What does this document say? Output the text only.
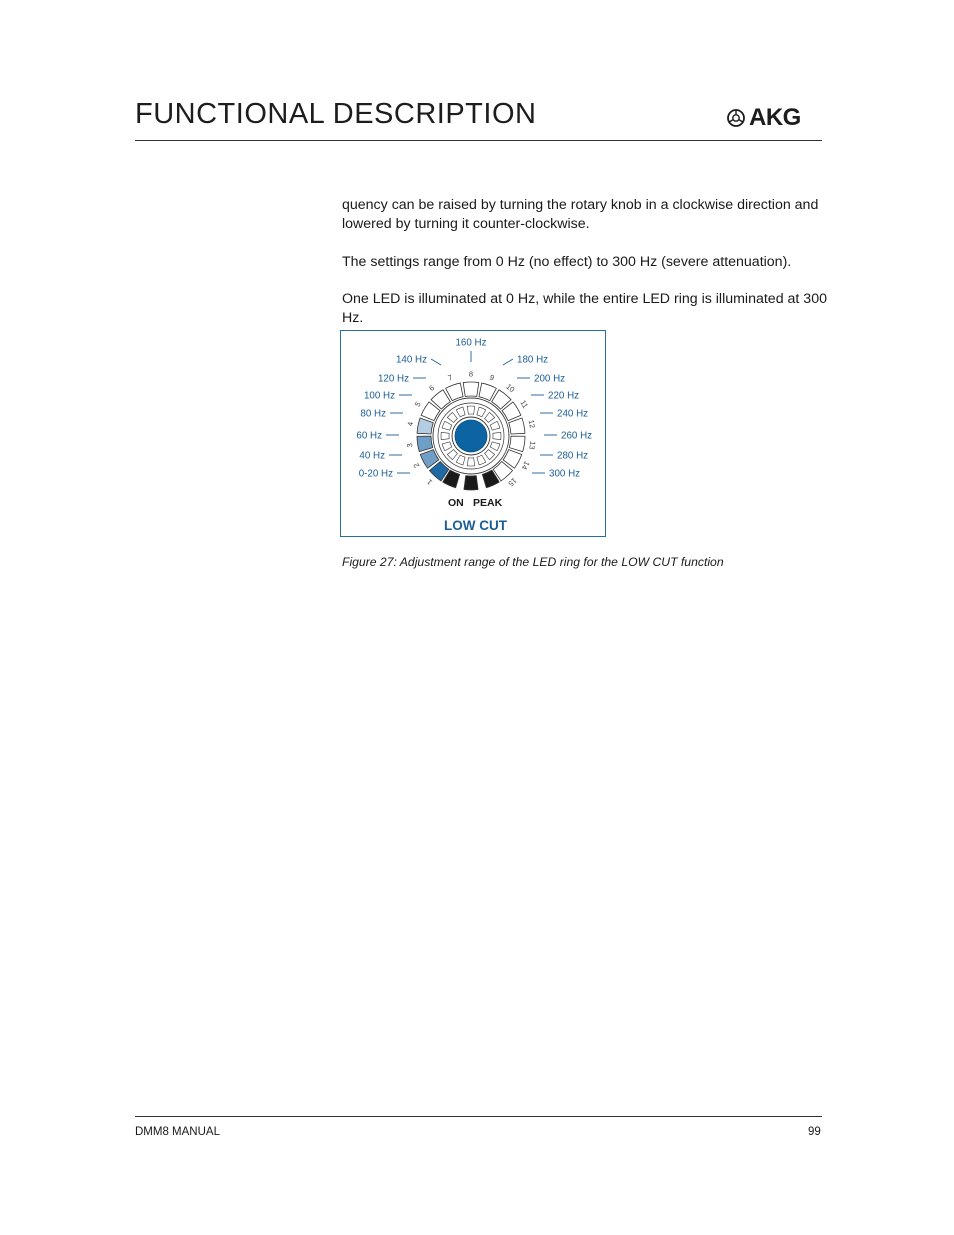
FUNCTIONAL DESCRIPTION	AKG

quency can be raised by turning the rotary knob in a clockwise direction and lowered by turning it counter-clockwise.

The settings range from 0 Hz (no effect) to 300 Hz (severe attenuation).

One LED is illuminated at 0 Hz, while the entire LED ring is illuminated at 300 Hz.

1
2
3
4
5
6
7 8 9
10
11
12
13
14
15
0-20 Hz
40 Hz
60 Hz
80 Hz
100 Hz
120 Hz
140 Hz
160 Hz
180 Hz
200 Hz
220 Hz
240 Hz
260 Hz
280 Hz
300 Hz
ON PEAK
LOW CUT
Figure 27: Adjustment range of the LED ring for the LOW CUT function
DMM8 MANUAL	99
